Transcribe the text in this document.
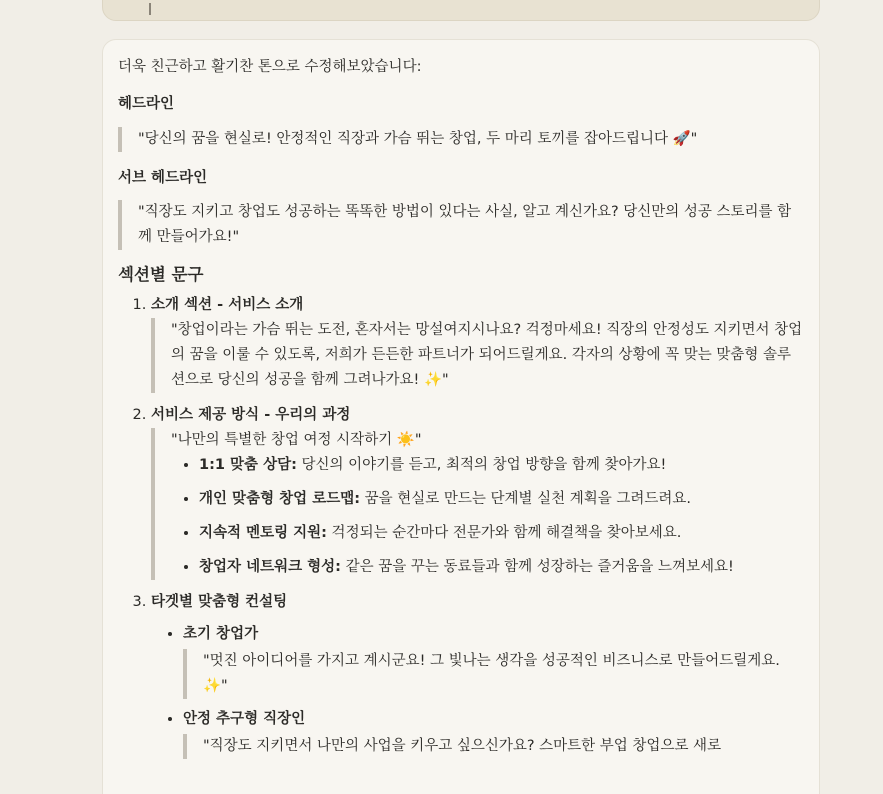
더욱 친근하고 활기찬 톤으로 수정해보았습니다:

헤드라인

"당신의 꿈을 현실로! 안정적인 직장과 가슴 뛰는 창업, 두 마리 토끼를 잡아드립니다 🚀"

서브 헤드라인

"직장도 지키고 창업도 성공하는 똑똑한 방법이 있다는 사실, 알고 계신가요? 당신만의 성공 스토리를 함께 만들어가요!"

섹션별 문구
1. 소개 섹션 - 서비스 소개

"창업이라는 가슴 뛰는 도전, 혼자서는 망설여지시나요? 걱정마세요! 직장의 안정성도 지키면서 창업의 꿈을 이룰 수 있도록, 저희가 든든한 파트너가 되어드릴게요. 각자의 상황에 꼭 맞는 맞춤형 솔루션으로 당신의 성공을 함께 그려나가요! ✨"

2. 서비스 제공 방식 - 우리의 과정

"나만의 특별한 창업 여정 시작하기 ☀️"

• 1:1 맞춤 상담: 당신의 이야기를 듣고, 최적의 창업 방향을 함께 찾아가요!
• 개인 맞춤형 창업 로드맵: 꿈을 현실로 만드는 단계별 실천 계획을 그려드려요.
• 지속적 멘토링 지원: 걱정되는 순간마다 전문가와 함께 해결책을 찾아보세요.
• 창업자 네트워크 형성: 같은 꿈을 꾸는 동료들과 함께 성장하는 즐거움을 느껴보세요!
3. 타겟별 맞춤형 컨설팅
• 초기 창업가

"멋진 아이디어를 가지고 계시군요! 그 빛나는 생각을 성공적인 비즈니스로 만들어드릴게요. ✨"

• 안정 추구형 직장인

"직장도 지키면서 나만의 사업을 키우고 싶으신가요? 스마트한 부업 창업으로 새로
